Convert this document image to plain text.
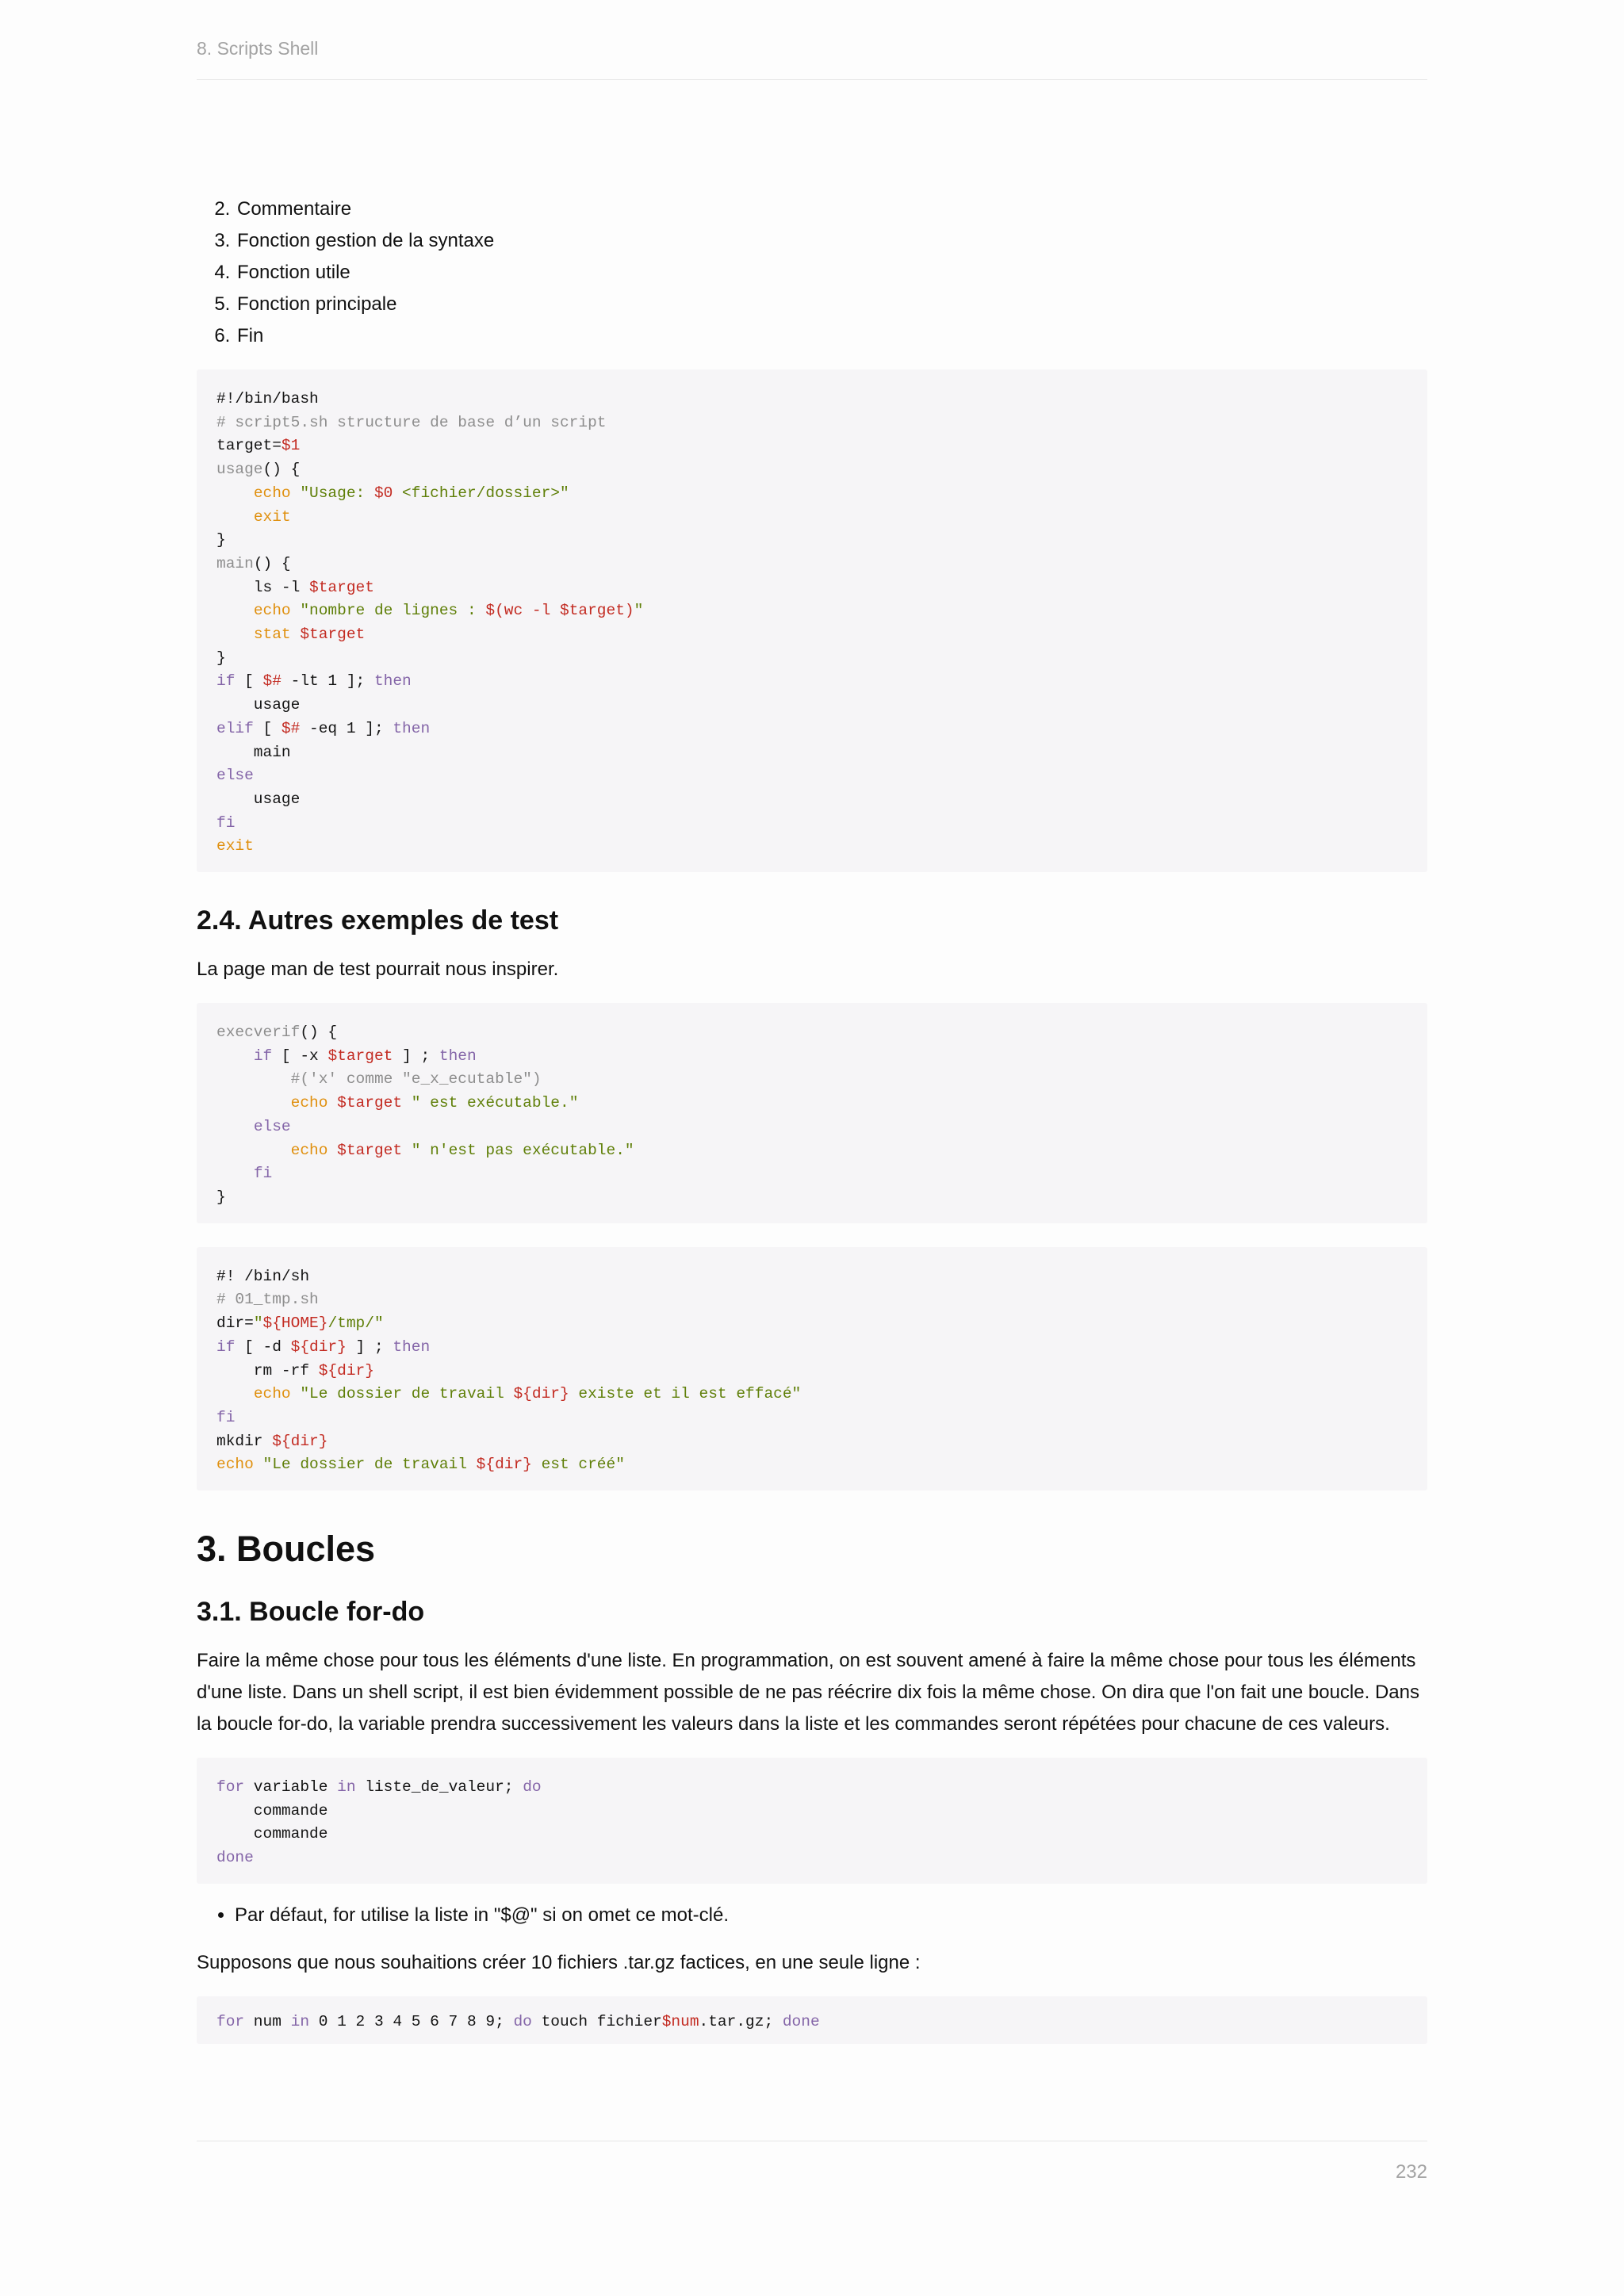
8. Scripts Shell
2. Commentaire
3. Fonction gestion de la syntaxe
4. Fonction utile
5. Fonction principale
6. Fin
#!/bin/bash
# script5.sh structure de base d’un script
target=$1
usage() {
echo "Usage: $0 <fichier/dossier>"
exit
}
main() {
ls -l $target
echo "nombre de lignes : $(wc -l $target)"
stat $target
}
if [ $# -lt 1 ]; then
usage
elif [ $# -eq 1 ]; then
main
else
usage
fi
exit
2.4. Autres exemples de test

La page man de test pourrait nous inspirer.

execverif() {
if [ -x $target ] ; then
#('x' comme "e_x_ecutable")
echo $target " est exécutable."
else
echo $target " n'est pas exécutable."
fi
}
#! /bin/sh
# 01_tmp.sh
dir="${HOME}/tmp/"
if [ -d ${dir} ] ; then
rm -rf ${dir}
echo "Le dossier de travail ${dir} existe et il est effacé"
fi
mkdir ${dir}
echo "Le dossier de travail ${dir} est créé"
3. Boucles
3.1. Boucle for-do

Faire la même chose pour tous les éléments d'une liste. En programmation, on est souvent amené à faire la même chose pour tous les éléments d'une liste. Dans un shell script, il est bien évidemment possible de ne pas réécrire dix fois la même chose. On dira que l'on fait une boucle. Dans la boucle for-do, la variable prendra successivement les valeurs dans la liste et les commandes seront répétées pour chacune de ces valeurs.

for variable in liste_de_valeur; do
commande
commande
done
• Par défaut, for utilise la liste in "$@" si on omet ce mot-clé.

Supposons que nous souhaitions créer 10 fichiers .tar.gz factices, en une seule ligne :

for num in 0 1 2 3 4 5 6 7 8 9; do touch fichier$num.tar.gz; done
232
